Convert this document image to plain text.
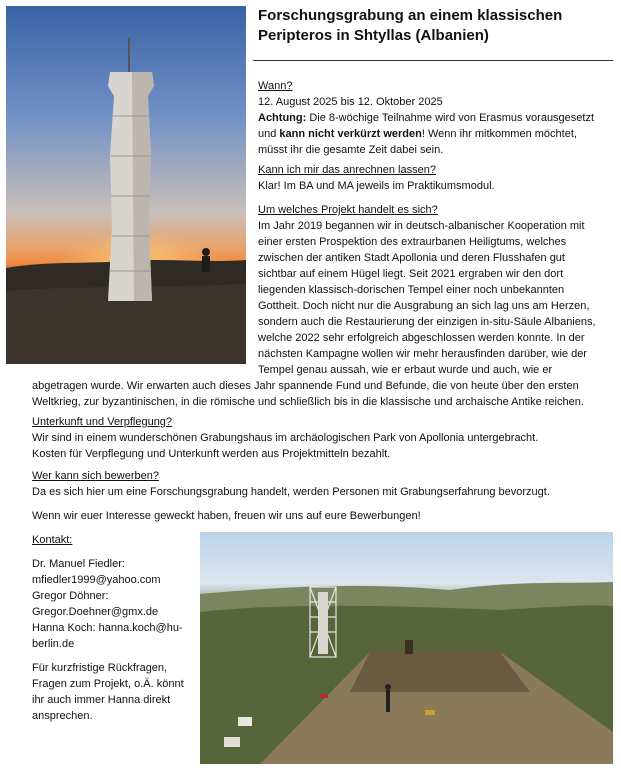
Forschungsgrabung an einem klassischen Peripteros in Shtyllas (Albanien)

Wann?

12. August 2025 bis 12. Oktober 2025

Achtung: Die 8-wöchige Teilnahme wird von Erasmus vorausgesetzt

und kann nicht verkürzt werden! Wenn ihr mitkommen möchtet,

müsst ihr die gesamte Zeit dabei sein.

Kann ich mir das anrechnen lassen?

Klar! Im BA und MA jeweils im Praktikumsmodul.

Um welches Projekt handelt es sich?

Im Jahr 2019 begannen wir in deutsch-albanischer Kooperation mit

einer ersten Prospektion des extraurbanen Heiligtums, welches

zwischen der antiken Stadt Apollonia und deren Flusshafen gut

sichtbar auf einem Hügel liegt. Seit 2021 ergraben wir den dort

liegenden klassisch-dorischen Tempel einer noch unbekannten

Gottheit. Doch nicht nur die Ausgrabung an sich lag uns am Herzen,

sondern auch die Restaurierung der einzigen in-situ-Säule Albaniens,

welche 2022 sehr erfolgreich abgeschlossen werden konnte. In der

nächsten Kampagne wollen wir mehr herausfinden darüber, wie der

Tempel genau aussah, wie er erbaut wurde und auch, wie er

abgetragen wurde. Wir erwarten auch dieses Jahr spannende Fund und Befunde, die von heute über den ersten

Weltkrieg, zur byzantinischen, in die römische und schließlich bis in die klassische und archaische Antike reichen.

Unterkunft und Verpflegung?

Wir sind in einem wunderschönen Grabungshaus im archäologischen Park von Apollonia untergebracht.

Kosten für Verpflegung und Unterkunft werden aus Projektmitteln bezahlt.

Wer kann sich bewerben?

Da es sich hier um eine Forschungsgrabung handelt, werden Personen mit Grabungserfahrung bevorzugt.

Wenn wir euer Interesse geweckt haben, freuen wir uns auf eure Bewerbungen!

Kontakt:

Dr. Manuel Fiedler:

mfiedler1999@yahoo.com

Gregor Döhner:

Gregor.Doehner@gmx.de

Hanna Koch: hanna.koch@hu-

berlin.de

Für kurzfristige Rückfragen,

Fragen zum Projekt, o.Ä. könnt

ihr auch immer Hanna direkt

ansprechen.
